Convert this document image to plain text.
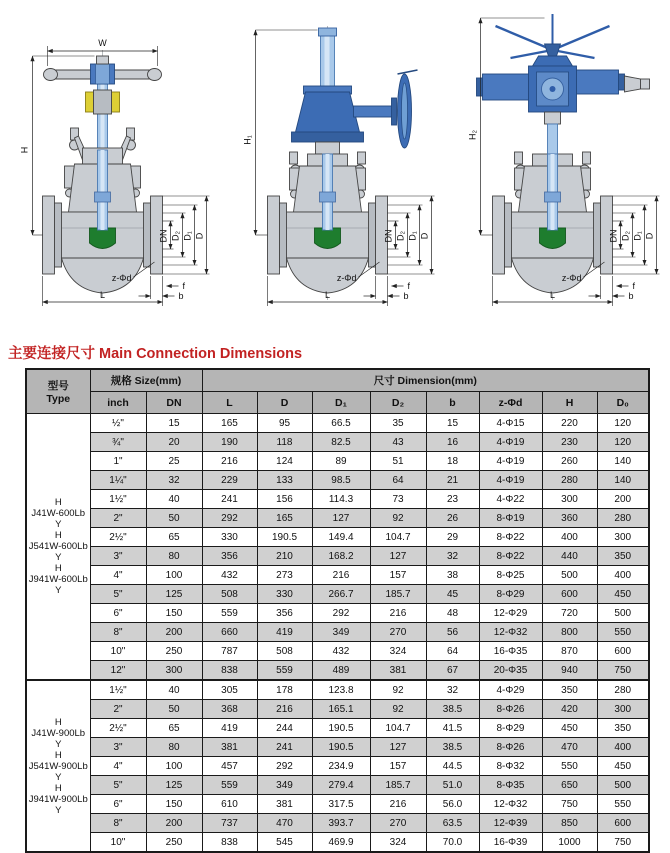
W
H
DN D₂ D₁ D
L
z-Φd
f
b
H₁
DN D₂ D₁ D
L
z-Φd
f
b
H₂
DN D₂ D₁ D
L
z-Φd
f
b
主要连接尺寸 Main Connection Dimensions
型号
Type	规格 Size(mm)		尺寸 Dimension(mm)							
	inch	DN	L	D	D₁	D₂	b	z-Φd	H	D₀

H
J41W-600Lb
Y
H
J541W-600Lb
Y
H
J941W-600Lb
Y
	½"	15	165	95	66.5	35	15	4-Φ15	220	120
	¾"	20	190	118	82.5	43	16	4-Φ19	230	120
	1"	25	216	124	89	51	18	4-Φ19	260	140
	1¼"	32	229	133	98.5	64	21	4-Φ19	280	140
	1½"	40	241	156	114.3	73	23	4-Φ22	300	200
	2"	50	292	165	127	92	26	8-Φ19	360	280
	2½"	65	330	190.5	149.4	104.7	29	8-Φ22	400	300
	3"	80	356	210	168.2	127	32	8-Φ22	440	350
	4"	100	432	273	216	157	38	8-Φ25	500	400
	5"	125	508	330	266.7	185.7	45	8-Φ29	600	450
	6"	150	559	356	292	216	48	12-Φ29	720	500
	8"	200	660	419	349	270	56	12-Φ32	800	550
	10"	250	787	508	432	324	64	16-Φ35	870	600
	12"	300	838	559	489	381	67	20-Φ35	940	750

H
J41W-900Lb
Y
H
J541W-900Lb
Y
H
J941W-900Lb
Y
	1½"	40	305	178	123.8	92	32	4-Φ29	350	280
	2"	50	368	216	165.1	92	38.5	8-Φ26	420	300
	2½"	65	419	244	190.5	104.7	41.5	8-Φ29	450	350
	3"	80	381	241	190.5	127	38.5	8-Φ26	470	400
	4"	100	457	292	234.9	157	44.5	8-Φ32	550	450
	5"	125	559	349	279.4	185.7	51.0	8-Φ35	650	500
	6"	150	610	381	317.5	216	56.0	12-Φ32	750	550
	8"	200	737	470	393.7	270	63.5	12-Φ39	850	600
	10"	250	838	545	469.9	324	70.0	16-Φ39	1000	750
